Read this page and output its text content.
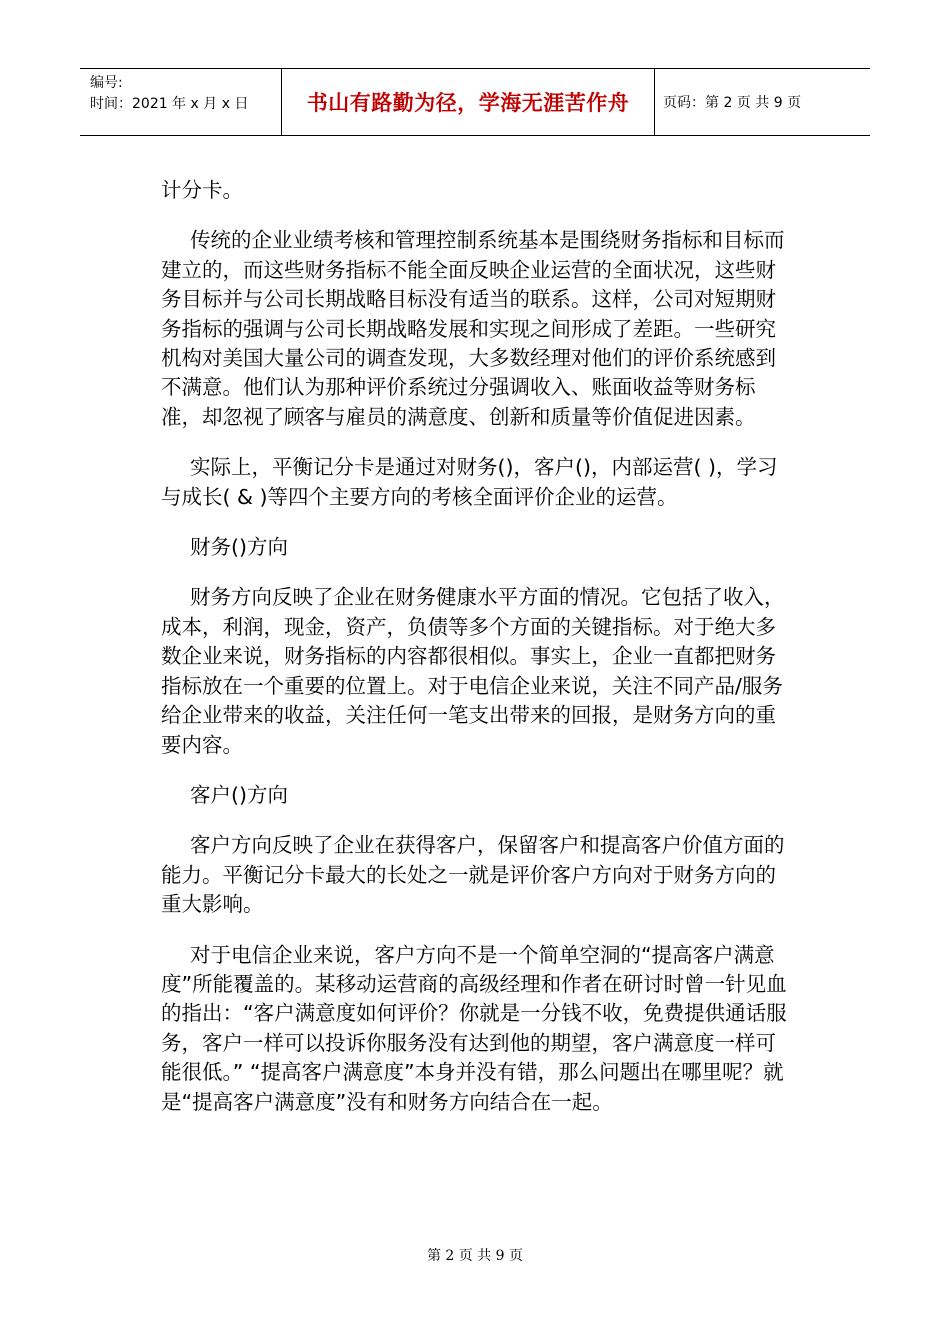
编号:
时间：2021 年 x 月 x 日	书山有路勤为径，学海无涯苦作舟 页码：第 2 页 共 9 页

计分卡。

传统的企业业绩考核和管理控制系统基本是围绕财务指标和目标而建立的，而这些财务指标不能全面反映企业运营的全面状况，这些财务目标并与公司长期战略目标没有适当的联系。这样，公司对短期财务指标的强调与公司长期战略发展和实现之间形成了差距。一些研究机构对美国大量公司的调查发现，大多数经理对他们的评价系统感到不满意。他们认为那种评价系统过分强调收入、账面收益等财务标准，却忽视了顾客与雇员的满意度、创新和质量等价值促进因素。

实际上，平衡记分卡是通过对财务()，客户()，内部运营( )，学习与成长( & )等四个主要方向的考核全面评价企业的运营。

财务()方向

财务方向反映了企业在财务健康水平方面的情况。它包括了收入，成本，利润，现金，资产，负债等多个方面的关键指标。对于绝大多数企业来说，财务指标的内容都很相似。事实上，企业一直都把财务指标放在一个重要的位置上。对于电信企业来说，关注不同产品/服务给企业带来的收益，关注任何一笔支出带来的回报，是财务方向的重要内容。

客户()方向

客户方向反映了企业在获得客户，保留客户和提高客户价值方面的能力。平衡记分卡最大的长处之一就是评价客户方向对于财务方向的重大影响。

对于电信企业来说，客户方向不是一个简单空洞的“提高客户满意度”所能覆盖的。某移动运营商的高级经理和作者在研讨时曾一针见血的指出：“客户满意度如何评价？你就是一分钱不收，免费提供通话服务，客户一样可以投诉你服务没有达到他的期望，客户满意度一样可能很低。” “提高客户满意度”本身并没有错，那么问题出在哪里呢？就是“提高客户满意度”没有和财务方向结合在一起。

第 2 页 共 9 页
